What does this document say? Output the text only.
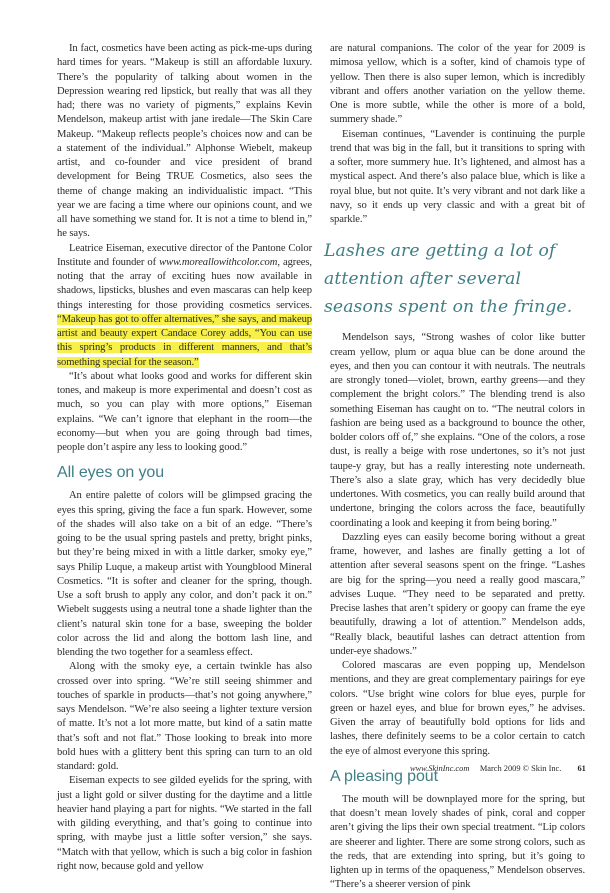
In fact, cosmetics have been acting as pick-me-ups during hard times for years. “Makeup is still an affordable luxury. There’s the popularity of talking about women in the Depression wearing red lipstick, but really that was all they had; there was no variety of pigments,” explains Kevin Mendelson, makeup artist with jane iredale—The Skin Care Makeup. “Makeup reflects people’s choices now and can be a statement of the individual.” Alphonse Wiebelt, makeup artist, and co-founder and vice president of brand development for Being TRUE Cosmetics, also sees the theme of change making an individualistic impact. “This year we are facing a time where our opinions count, and we all have something we stand for. It is not a time to blend in,” he says.

Leatrice Eiseman, executive director of the Pantone Color Institute and founder of www.moreallowithcolor.com, agrees, noting that the array of exciting hues now available in shadows, lipsticks, blushes and even mascaras can help keep things interesting for those providing cosmetics services. “Makeup has got to offer alternatives,” she says, and makeup artist and beauty expert Candace Corey adds, “You can use this spring’s products in different manners, and that’s something special for the season.”

“It’s about what looks good and works for different skin tones, and makeup is more experimental and doesn’t cost as much, so you can play with more options,” Eiseman explains. “We can’t ignore that elephant in the room—the economy—but when you are going through bad times, people don’t aspire any less to looking good.”

All eyes on you

An entire palette of colors will be glimpsed gracing the eyes this spring, giving the face a fun spark. However, some of the shades will also take on a bit of an edge. “There’s going to be the usual spring pastels and pretty, bright pinks, but they’re being mixed in with a little darker, smoky eye,” says Philip Luque, a makeup artist with Youngblood Mineral Cosmetics. “It is softer and cleaner for the spring, though. Use a soft brush to apply any color, and don’t pack it on.” Wiebelt suggests using a neutral tone a shade lighter than the client’s natural skin tone for a base, sweeping the bolder color across the lid and along the bottom lash line, and blending the two together for a seamless effect.

Along with the smoky eye, a certain twinkle has also crossed over into spring. “We’re still seeing shimmer and touches of sparkle in products—that’s not going anywhere,” says Mendelson. “We’re also seeing a lighter texture version of matte. It’s not a lot more matte, but kind of a satin matte that’s soft and not flat.” Those looking to break into more bold hues with a glittery bent this spring can turn to an old standard: gold.

Eiseman expects to see gilded eyelids for the spring, with just a light gold or silver dusting for the daytime and a little heavier hand playing a part for nights. “We started in the fall with gilding everything, and that’s going to continue into spring, with maybe just a little softer version,” she says. “Match with that yellow, which is such a big color in fashion right now, because gold and yellow

are natural companions. The color of the year for 2009 is mimosa yellow, which is a softer, kind of chamois type of yellow. Then there is also super lemon, which is incredibly vibrant and offers another variation on the yellow theme. One is more subtle, while the other is more of a bold, summery shade.”

Eiseman continues, “Lavender is continuing the purple trend that was big in the fall, but it transitions to spring with a softer, more summery hue. It’s lightened, and almost has a mystical aspect. And there’s also palace blue, which is like a royal blue, but not quite. It’s very vibrant and not dark like a navy, so it ends up very classic and with a great bit of sparkle.”

Lashes are getting a lot of attention after several seasons spent on the fringe.

Mendelson says, “Strong washes of color like butter cream yellow, plum or aqua blue can be done around the eyes, and then you can contour it with neutrals. The neutrals are strongly toned—violet, brown, earthy greens—and they complement the bright colors.” The blending trend is also something Eiseman has caught on to. “The neutral colors in fashion are being used as a background to bounce the other, bolder colors off of,” she explains. “One of the colors, a rose dust, is really a beige with rose undertones, so it’s not just taupe-y gray, but has a really interesting note underneath. There’s also a slate gray, which has very decidedly blue undertones. With cosmetics, you can really build around that undertone, bringing the colors across the face, beautifully coordinating a look and keeping it from being boring.”

Dazzling eyes can easily become boring without a great frame, however, and lashes are finally getting a lot of attention after several seasons spent on the fringe. “Lashes are big for the spring—you need a really good mascara,” advises Luque. “They need to be separated and pretty. Precise lashes that aren’t spidery or goopy can frame the eye beautifully, drawing a lot of attention.” Mendelson adds, “Really black, beautiful lashes can detract attention from under-eye shadows.”

Colored mascaras are even popping up, Mendelson mentions, and they are great complementary pairings for eye colors. “Use bright wine colors for blue eyes, purple for green or hazel eyes, and blue for brown eyes,” he advises. Given the array of beautifully bold options for lids and lashes, there definitely seems to be a color certain to catch the eye of almost everyone this spring.

A pleasing pout

The mouth will be downplayed more for the spring, but that doesn’t mean lovely shades of pink, coral and copper aren’t giving the lips their own special treatment. “Lip colors are sheerer and lighter. There are some strong colors, such as the reds, that are extending into spring, but it’s going to lighten up in terms of the opaqueness,” Mendelson observes. “There’s a sheerer version of pink

www.SkinInc.com March 2009 © Skin Inc. 61
